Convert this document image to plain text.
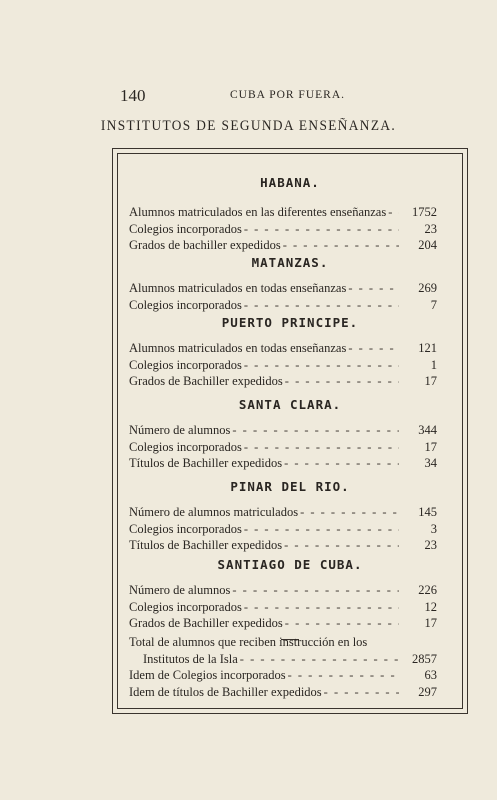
140	CUBA POR FUERA.
INSTITUTOS DE SEGUNDA ENSEÑANZA.
HABANA.
Alumnos matriculados en las diferentes enseñanzas - - -	1752
Colegios incorporados - - -	23
Grados de bachiller expedidos - - -	204
MATANZAS.
Alumnos matriculados en todas enseñanzas - - -	269
Colegios incorporados - - -	7
PUERTO PRINCIPE.
Alumnos matriculados en todas enseñanzas - - -	121
Colegios incorporados - - -	1
Grados de Bachiller expedidos - - -	17
SANTA CLARA.
Número de alumnos - - -	344
Colegios incorporados - - -	17
Títulos de Bachiller expedidos - - -	34
PINAR DEL RIO.
Número de alumnos matriculados - - -	145
Colegios incorporados - - -	3
Títulos de Bachiller expedidos - - -	23
SANTIAGO DE CUBA.
Número de alumnos - - -	226
Colegios incorporados - - -	12
Grados de Bachiller expedidos - - -	17
Total de alumnos que reciben instrucción en los
Institutos de la Isla - - -	2857
Idem de Colegios incorporados - - -	63
Idem de títulos de Bachiller expedidos - - -	297
